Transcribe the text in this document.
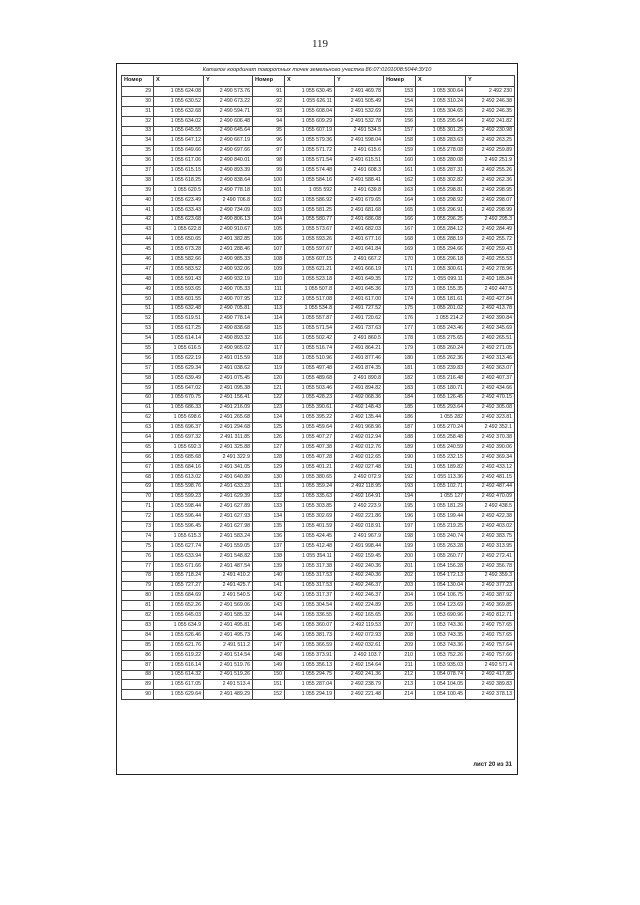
119
Каталог координат поворотных точек земельного участка 86:07:0101008:5044:ЗУ10
Номер	X	Y	Номер	X	Y	Номер	X	Y
29	1 055 624.08	2 490 573.76	91	1 055 630.45	2 491 469.78	153	1 055 300.64	2 492 230
30	1 055 630.52	2 490 673.22	92	1 055 626.11	2 491 505.49	154	1 055 310.24	2 492 246.38
31	1 055 632.68	2 490 594.71	93	1 055 608.04	2 491 532.69	155	1 055 304.65	2 492 246.35
32	1 055 634.02	2 490 606.48	94	1 055 609.29	2 491 532.78	156	1 055 295.64	2 492 241.82
33	1 055 645.55	2 490 645.64	95	1 055 607.19	2 491 534.5	157	1 055 301.25	2 492 230.98
34	1 055 647.12	2 490 667.19	96	1 055 579.36	2 491 598.04	158	1 055 283.63	2 492 263.25
35	1 055 649.66	2 490 697.66	97	1 055 571.72	2 491 615.6	159	1 055 278.08	2 492 259.89
36	1 055 617.06	2 490 840.01	98	1 055 571.54	2 491 615.51	160	1 055 280.08	2 492 251.9
37	1 055 615.15	2 490 893.39	99	1 055 574.48	2 491 608.3	161	1 055 287.31	2 492 255.26
38	1 055 618.25	2 490 838.64	100	1 055 584.16	2 491 588.41	162	1 055 302.82	2 492 262.36
39	1 055 620.5	2 490 778.18	101	1 055 592	2 491 639.8	163	1 055 298.81	2 492 298.95
40	1 055 623.49	2 490 706.8	102	1 055 586.92	2 491 679.65	164	1 055 298.92	2 492 298.07
41	1 055 633.43	2 490 734.09	103	1 055 581.25	2 491 681.68	165	1 055 296.91	2 492 298.99
42	1 055 623.68	2 490 806.13	104	1 055 580.77	2 491 686.08	166	1 055 296.25	2 492 295.3
43	1 055 622.8	2 490 910.67	105	1 055 573.67	2 491 682.03	167	1 055 284.12	2 492 284.49
44	1 055 650.65	2 491 382.85	106	1 055 593.26	2 491 677.16	168	1 055 288.19	2 492 255.72
45	1 055 673.28	2 491 288.46	107	1 055 597.67	2 491 641.84	169	1 055 294.66	2 492 259.43
46	1 055 582.66	2 490 985.33	108	1 055 607.15	2 491 667.2	170	1 055 296.18	2 492 255.53
47	1 055 583.52	2 490 932.06	109	1 055 621.21	2 491 666.19	171	1 055 300.61	2 492 278.96
48	1 055 591.43	2 490 932.19	110	1 055 523.18	2 491 649.35	172	1 055 099.11	2 492 185.84
49	1 055 593.65	2 490 705.33	111	1 055 507.8	2 491 645.36	173	1 055 155.35	2 492 447.5
50	1 055 601.55	2 490 707.95	112	1 055 517.08	2 491 617.00	174	1 055 181.61	2 492 427.84
51	1 055 632.48	2 490 705.81	113	1 055 534.8	2 491 727.52	175	1 055 201.02	2 492 413.78
52	1 055 619.51	2 490 778.14	114	1 055 557.87	2 491 720.62	176	1 055 214.2	2 492 390.84
53	1 055 617.25	2 490 838.68	115	1 055 571.54	2 491 737.63	177	1 055 243.46	2 492 345.69
54	1 055 614.14	2 490 893.32	116	1 055 502.42	2 491 860.5	178	1 055 275.65	2 492 265.51
55	1 055 616.5	2 490 965.02	117	1 055 516.74	2 491 864.21	179	1 055 260.24	2 492 271.05
56	1 055 622.19	2 491 015.59	118	1 055 510.96	2 491 877.46	180	1 055 262.36	2 492 313.46
57	1 055 629.34	2 491 038.62	119	1 055 497.48	2 491 874.35	181	1 055 239.83	2 492 363.07
58	1 055 639.49	2 491 075.45	120	1 055 489.68	2 491 890.8	182	1 055 216.48	2 492 407.37
59	1 055 647.02	2 491 095.38	121	1 055 503.46	2 491 894.82	183	1 055 180.71	2 492 434.66
60	1 055 670.75	2 491 156.41	122	1 055 428.23	2 492 068.36	184	1 055 126.45	2 492 470.15
61	1 055 686.33	2 491 216.09	123	1 055 390.61	2 492 148.43	185	1 055 293.64	2 492 305.08
62	1 055 698.6	2 491 265.68	124	1 055 395.22	2 492 135.44	186	1 055 282	2 492 323.81
63	1 055 696.37	2 491 294.68	125	1 055 459.64	2 491 968.96	187	1 055 270.24	2 492 352.1
64	1 055 697.32	2 491 311.85	126	1 055 407.27	2 492 012.94	188	1 055 258.48	2 492 370.38
65	1 055 692.3	2 491 325.88	127	1 055 407.38	2 492 012.76	189	1 055 240.59	2 492 390.06
66	1 055 685.68	2 491 322.9	128	1 055 407.28	2 492 012.65	190	1 055 232.15	2 492 369.34
67	1 055 684.16	2 491 341.05	129	1 055 401.21	2 492 027.48	191	1 055 189.82	2 492 433.12
68	1 055 613.02	2 491 640.89	130	1 055 380.65	2 492 072.9	192	1 055 113.36	2 492 481.15
69	1 055 598.76	2 491 633.23	131	1 055 359.24	2 492 118.95	193	1 055 102.71	2 492 487.44
70	1 055 599.23	2 491 629.39	132	1 055 335.63	2 492 164.91	194	1 055 127	2 492 470.09
71	1 055 598.44	2 491 627.89	133	1 055 303.85	2 492 223.9	195	1 055 181.29	2 492 438.5
72	1 055 596.44	2 491 627.93	134	1 055 302.69	2 492 221.86	196	1 055 199.44	2 492 422.38
73	1 055 596.45	2 491 627.98	135	1 055 401.59	2 492 018.91	197	1 055 219.25	2 492 403.02
74	1 055 615.3	2 491 583.24	136	1 055 424.45	2 491 967.9	198	1 055 240.74	2 492 383.75
75	1 055 627.74	2 491 559.05	137	1 055 412.48	2 491 998.44	199	1 055 263.28	2 492 313.95
76	1 055 633.94	2 491 548.82	138	1 055 354.11	2 492 159.45	200	1 055 260.77	2 492 272.41
77	1 055 671.66	2 491 487.54	139	1 055 317.38	2 492 240.36	201	1 054 156.28	2 492 356.78
78	1 055 718.24	2 491 410.2	140	1 055 317.53	2 492 240.36	202	1 054 172.13	2 492 359.3
79	1 055 727.27	2 491 425.7	141	1 055 317.53	2 492 246.37	203	1 054 130.04	2 492 377.23
80	1 055 684.69	2 491 540.5	142	1 055 317.37	2 492 246.37	204	1 054 106.75	2 492 387.92
81	1 055 652.26	2 491 569.06	143	1 055 304.54	2 492 224.89	205	1 054 123.69	2 492 369.85
82	1 055 645.03	2 491 585.32	144	1 055 336.55	2 492 165.65	206	1 053 690.96	2 492 812.71
83	1 055 634.9	2 491 495.81	145	1 055 360.07	2 492 119.53	207	1 053 743.36	2 492 757.65
84	1 055 626.46	2 491 495.73	146	1 055 381.73	2 492 072.93	208	1 053 743.35	2 492 757.65
85	1 055 621.76	2 491 511.2	147	1 055 366.59	2 492 032.61	209	1 053 743.36	2 492 757.64
86	1 055 619.22	2 491 514.54	148	1 055 373.91	2 492 103.7	210	1 053 752.26	2 492 757.66
87	1 055 616.14	2 491 519.76	149	1 055 356.13	2 492 154.64	211	1 053 935.03	2 492 571.4
88	1 055 614.32	2 491 519.26	150	1 055 294.75	2 492 241.36	212	1 054 078.74	2 492 417.85
89	1 055 617.05	2 491 513.4	151	1 055 287.04	2 492 238.79	213	1 054 104.05	2 492 389.83
90	1 055 629.64	2 491 489.29	152	1 055 294.19	2 492 221.48	214	1 054 100.45	2 492 378.13
лист 20 из 31
